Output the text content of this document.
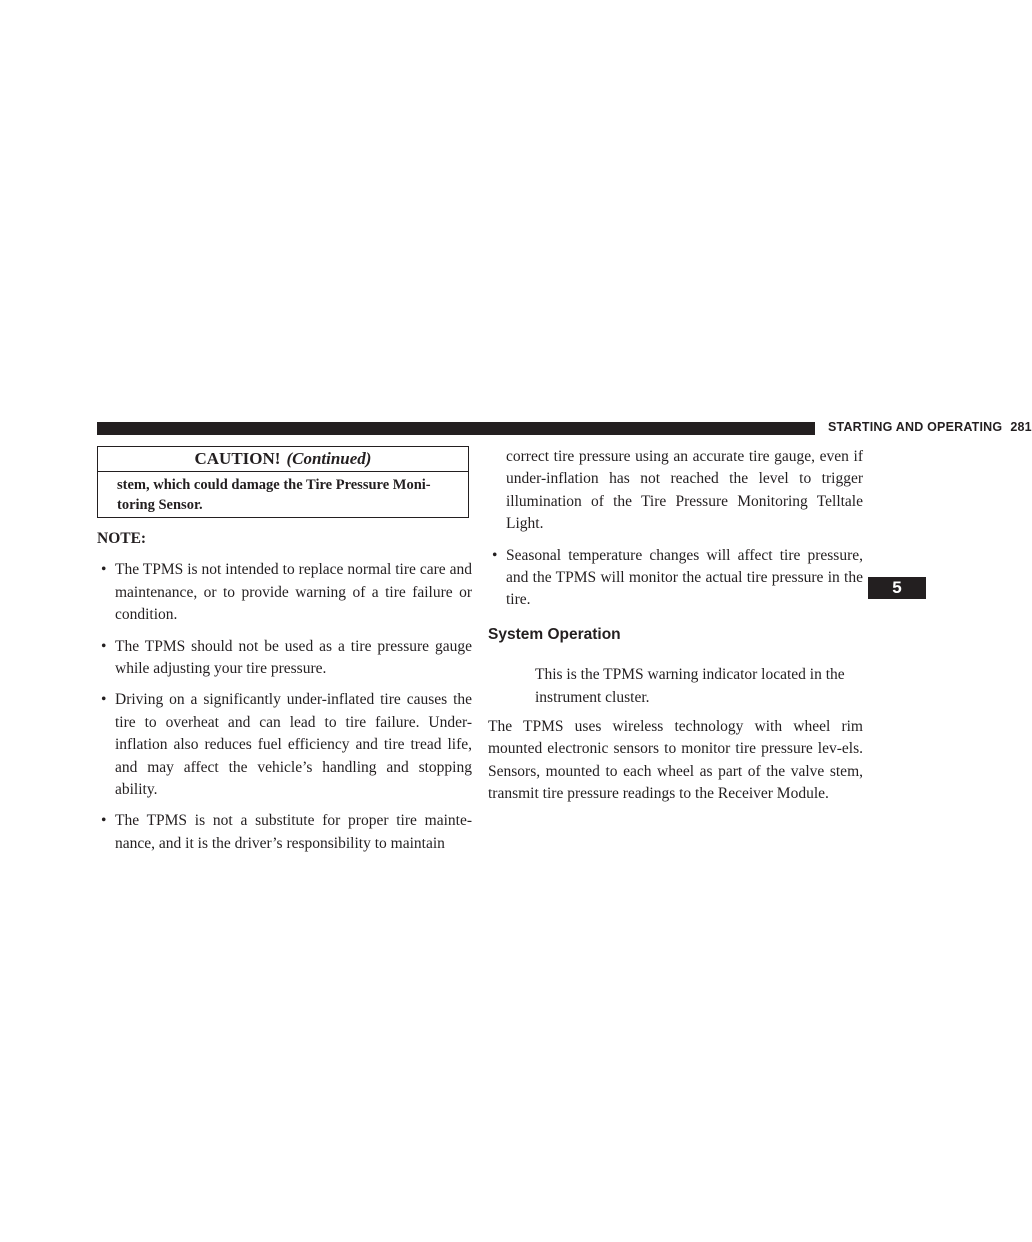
STARTING AND OPERATING 281
5
CAUTION! (Continued)
stem, which could damage the Tire Pressure Moni-toring Sensor.

NOTE:

• The TPMS is not intended to replace normal tire care and maintenance, or to provide warning of a tire failure or condition.
• The TPMS should not be used as a tire pressure gauge while adjusting your tire pressure.
• Driving on a significantly under-inflated tire causes the tire to overheat and can lead to tire failure. Under-inflation also reduces fuel efficiency and tire tread life, and may affect the vehicle’s handling and stopping ability.
• The TPMS is not a substitute for proper tire mainte-nance, and it is the driver’s responsibility to maintain

correct tire pressure using an accurate tire gauge, even if under-inflation has not reached the level to trigger illumination of the Tire Pressure Monitoring Telltale Light.

• Seasonal temperature changes will affect tire pressure, and the TPMS will monitor the actual tire pressure in the tire.
System Operation
This is the TPMS warning indicator located in the instrument cluster.

The TPMS uses wireless technology with wheel rim mounted electronic sensors to monitor tire pressure lev-els. Sensors, mounted to each wheel as part of the valve stem, transmit tire pressure readings to the Receiver Module.
